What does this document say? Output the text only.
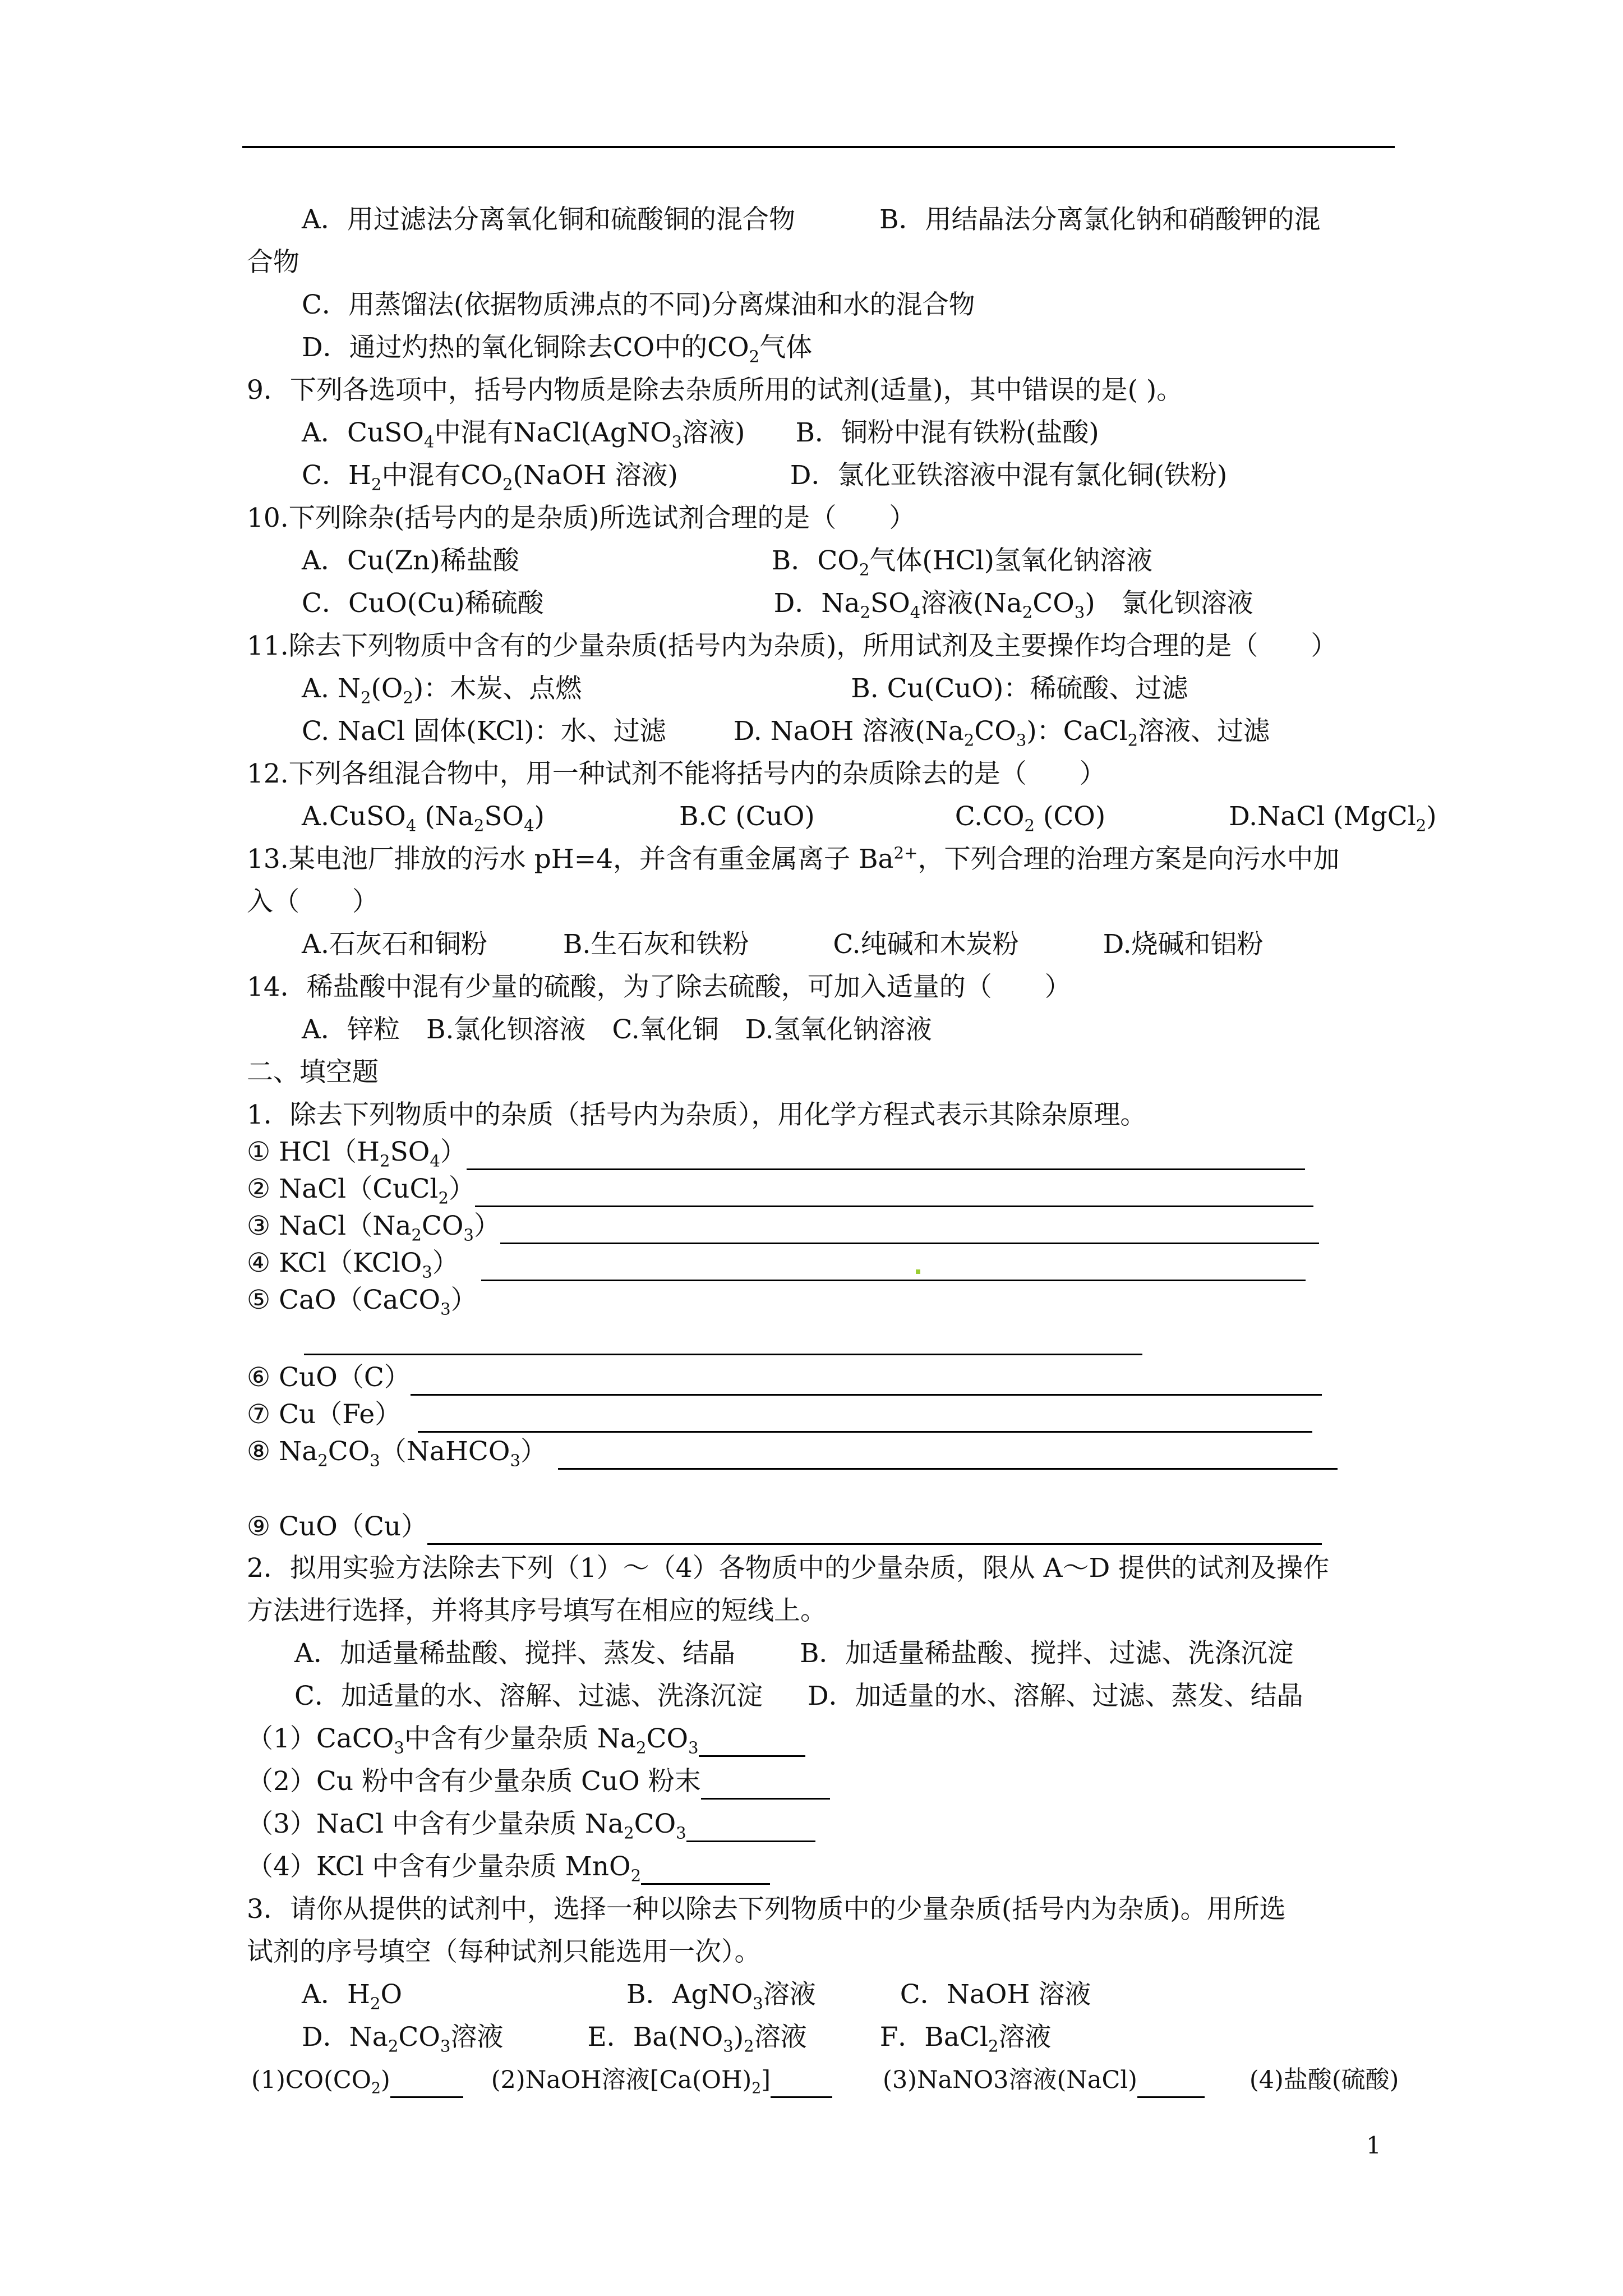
A．用过滤法分离氧化铜和硫酸铜的混合物	B．用结晶法分离氯化钠和硝酸钾的混
合物
C．用蒸馏法(依据物质沸点的不同)分离煤油和水的混合物
D．通过灼热的氧化铜除去CO中的$CO_2$气体
9．下列各选项中，括号内物质是除去杂质所用的试剂(适量)，其中错误的是( )。
A．CuSO$_4$中混有NaCl(AgNO$_3$溶液) B．铜粉中混有铁粉(盐酸)
C．$H_2$中混有$CO_2(NaOH$ 溶液)	D．氯化亚铁溶液中混有氯化铜(铁粉)
10.下列除杂(括号内的是杂质)所选试剂合理的是（　　）
A．Cu(Zn)稀盐酸	B．$CO_2$气体(HCl)氢氧化钠溶液
C．CuO(Cu)稀硫酸	D．$Na_2SO_4$溶液$(Na_2CO_3)$　氯化钡溶液
11.除去下列物质中含有的少量杂质(括号内为杂质)，所用试剂及主要操作均合理的是（　　）
A. $N_2(O_2)$：木炭、点燃	B. Cu(CuO)：稀硫酸、过滤
C. NaCl 固体(KCl)：水、过滤	D. NaOH 溶液$(Na_2CO_3)$：CaCl$_2$溶液、过滤
12.下列各组混合物中，用一种试剂不能将括号内的杂质除去的是（　　）
A.CuSO$_4$ $(Na_2SO_4)$	B.C (CuO)	$C.CO_2$ (CO)	D.NaCl (MgCl$_2$)
13.某电池厂排放的污水 pH=4，并含有重金属离子 $Ba^{2+}$，下列合理的治理方案是向污水中加
入（　　）
A.石灰石和铜粉	B.生石灰和铁粉	C.纯碱和木炭粉	D.烧碱和铝粉
14．稀盐酸中混有少量的硫酸，为了除去硫酸，可加入适量的（　　）
A．锌粒　B.氯化钡溶液　C.氧化铜　D.氢氧化钠溶液
二、填空题
1．除去下列物质中的杂质（括号内为杂质），用化学方程式表示其除杂原理。
① $HCl(H_2SO_4)$
② NaCl（CuCl$_2$）
③ $NaCl(Na_2CO_3)$
④ KCl（KClO$_3$）
⑤ CaO（CaCO$_3$）
⑥ CuO（C）
⑦ Cu（Fe）
⑧ $Na_2CO_3(NaHCO_3)$
⑨ CuO（Cu）
2．拟用实验方法除去下列（1）～（4）各物质中的少量杂质，限从 A～D 提供的试剂及操作
方法进行选择，并将其序号填写在相应的短线上。
A．加适量稀盐酸、搅拌、蒸发、结晶 B．加适量稀盐酸、搅拌、过滤、洗涤沉淀
C．加适量的水、溶解、过滤、洗涤沉淀 D．加适量的水、溶解、过滤、蒸发、结晶
（1）CaCO$_3$中含有少量杂质 $Na_2CO_3$
（2）Cu 粉中含有少量杂质 CuO 粉末
（3）NaCl 中含有少量杂质 $Na_2CO_3$
（4）KCl 中含有少量杂质 MnO$_2$
3．请你从提供的试剂中，选择一种以除去下列物质中的少量杂质(括号内为杂质)。用所选
试剂的序号填空（每种试剂只能选用一次）。
A．$H_2O$	B．AgNO$_3$溶液	C．NaOH 溶液
D．$Na_2CO_3$溶液	E．$Ba(NO_3)_2$溶液	F．BaCl$_2$溶液
$(1)CO(CO_2)$	(2)NaOH溶液$[Ca(OH)_2]$	(3)NaNO3溶液(NaCl)	(4)盐酸(硫酸)
1
